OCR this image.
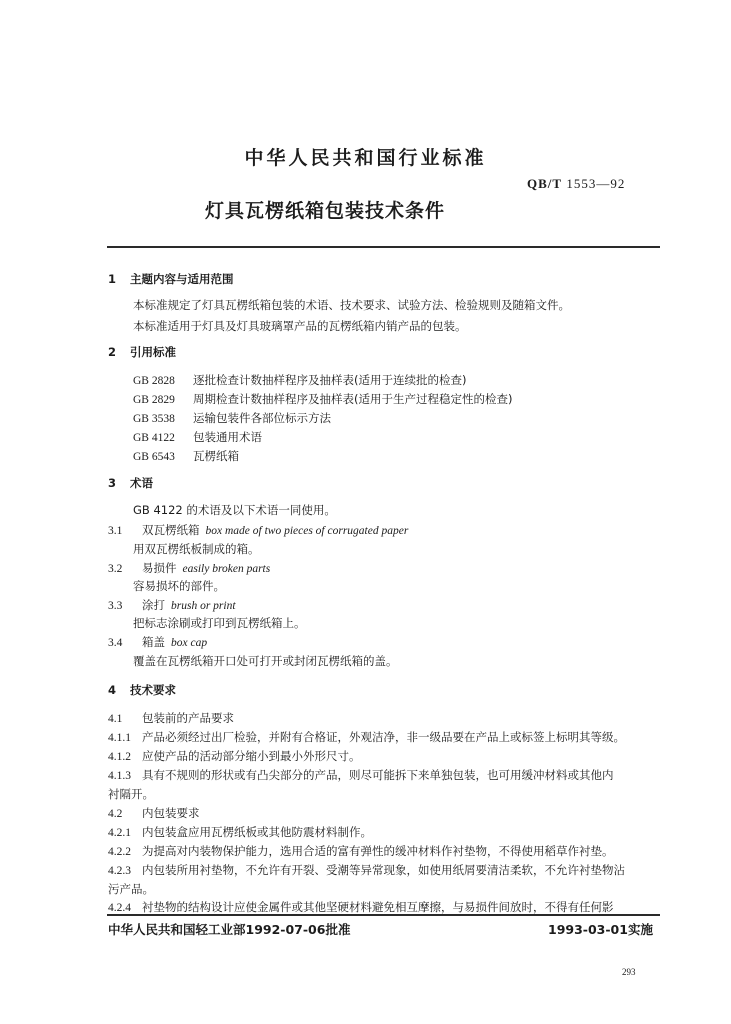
中华人民共和国行业标准
QB/T 1553—92
灯具瓦楞纸箱包装技术条件
1 主题内容与适用范围
本标准规定了灯具瓦楞纸箱包装的术语、技术要求、试验方法、检验规则及随箱文件。
本标准适用于灯具及灯具玻璃罩产品的瓦楞纸箱内销产品的包装。
2 引用标准
GB 2828 逐批检查计数抽样程序及抽样表(适用于连续批的检查)
GB 2829 周期检查计数抽样程序及抽样表(适用于生产过程稳定性的检查)
GB 3538 运输包装件各部位标示方法
GB 4122 包装通用术语
GB 6543 瓦楞纸箱
3 术语
GB 4122 的术语及以下术语一同使用。
3.1 双瓦楞纸箱 box made of two pieces of corrugated paper
用双瓦楞纸板制成的箱。
3.2 易损件 easily broken parts
容易损坏的部件。
3.3 涂打 brush or print
把标志涂刷或打印到瓦楞纸箱上。
3.4 箱盖 box cap
覆盖在瓦楞纸箱开口处可打开或封闭瓦楞纸箱的盖。
4 技术要求
4.1 包装前的产品要求
4.1.1 产品必须经过出厂检验，并附有合格证，外观洁净，非一级品要在产品上或标签上标明其等级。
4.1.2 应使产品的活动部分缩小到最小外形尺寸。
4.1.3 具有不规则的形状或有凸尖部分的产品，则尽可能拆下来单独包装，也可用缓冲材料或其他内
衬隔开。
4.2 内包装要求
4.2.1 内包装盒应用瓦楞纸板或其他防震材料制作。
4.2.2 为提高对内装物保护能力，选用合适的富有弹性的缓冲材料作衬垫物，不得使用稻草作衬垫。
4.2.3 内包装所用衬垫物，不允许有开裂、受潮等异常现象，如使用纸屑要清洁柔软，不允许衬垫物沾
污产品。
4.2.4 衬垫物的结构设计应使金属件或其他坚硬材料避免相互摩擦，与易损件间放时，不得有任何影
中华人民共和国轻工业部1992-07-06批准	1993-03-01实施
293
